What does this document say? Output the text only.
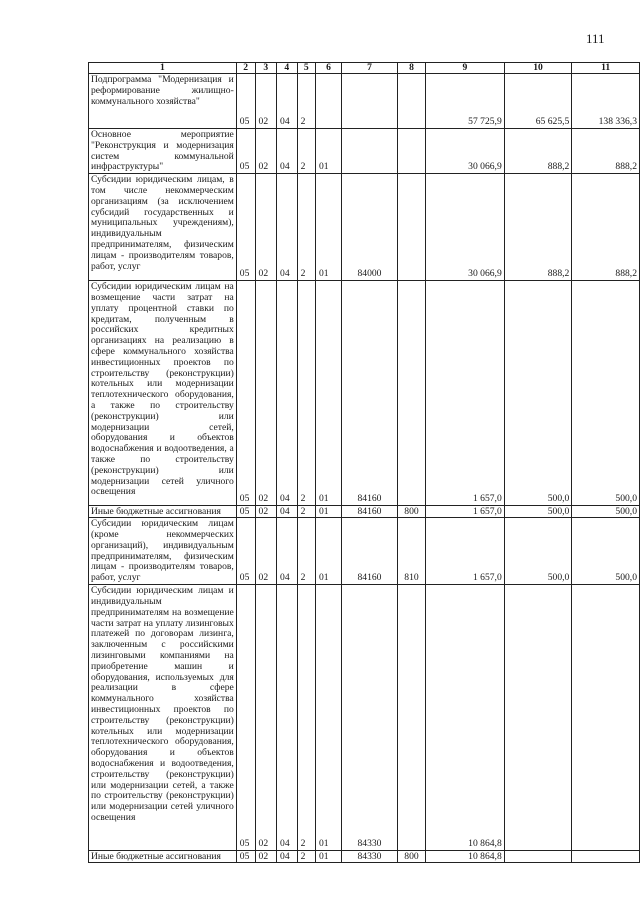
111
1	2	3	4	5	6	7	8	9	10	11
Подпрограмма "Модернизация и реформирование жилищно-коммунального хозяйства"	05	02	04	2				57 725,9	65 625,5	138 336,3
Основное мероприятие "Реконструкция и модернизация систем коммунальной инфраструктуры"	05	02	04	2	01			30 066,9	888,2	888,2
Субсидии юридическим лицам, в том числе некоммерческим организациям (за исключением субсидий государственных и муниципальных учреждениям), индивидуальным предпринимателям, физическим лицам - производителям товаров, работ, услуг	05	02	04	2	01	84000		30 066,9	888,2	888,2
Субсидии юридическим лицам на возмещение части затрат на уплату процентной ставки по кредитам, полученным в российских кредитных организациях на реализацию в сфере коммунального хозяйства инвестиционных проектов по строительству (реконструкции) котельных или модернизации теплотехнического оборудования, а также по строительству (реконструкции) или модернизации сетей, оборудования и объектов водоснабжения и водоотведения, а также по строительству (реконструкции) или модернизации сетей уличного освещения	05	02	04	2	01	84160		1 657,0	500,0	500,0
Иные бюджетные ассигнования	05	02	04	2	01	84160	800	1 657,0	500,0	500,0
Субсидии юридическим лицам (кроме некоммерческих организаций), индивидуальным предпринимателям, физическим лицам - производителям товаров, работ, услуг	05	02	04	2	01	84160	810	1 657,0	500,0	500,0
Субсидии юридическим лицам и индивидуальным предпринимателям на возмещение части затрат на уплату лизинговых платежей по договорам лизинга, заключенным с российскими лизинговыми компаниями на приобретение машин и оборудования, используемых для реализации в сфере коммунального хозяйства инвестиционных проектов по строительству (реконструкции) котельных или модернизации теплотехнического оборудования, оборудования и объектов водоснабжения и водоотведения, строительству (реконструкции) или модернизации сетей, а также по строительству (реконструкции) или модернизации сетей уличного освещения	05	02	04	2	01	84330		10 864,8		
Иные бюджетные ассигнования	05	02	04	2	01	84330	800	10 864,8		
